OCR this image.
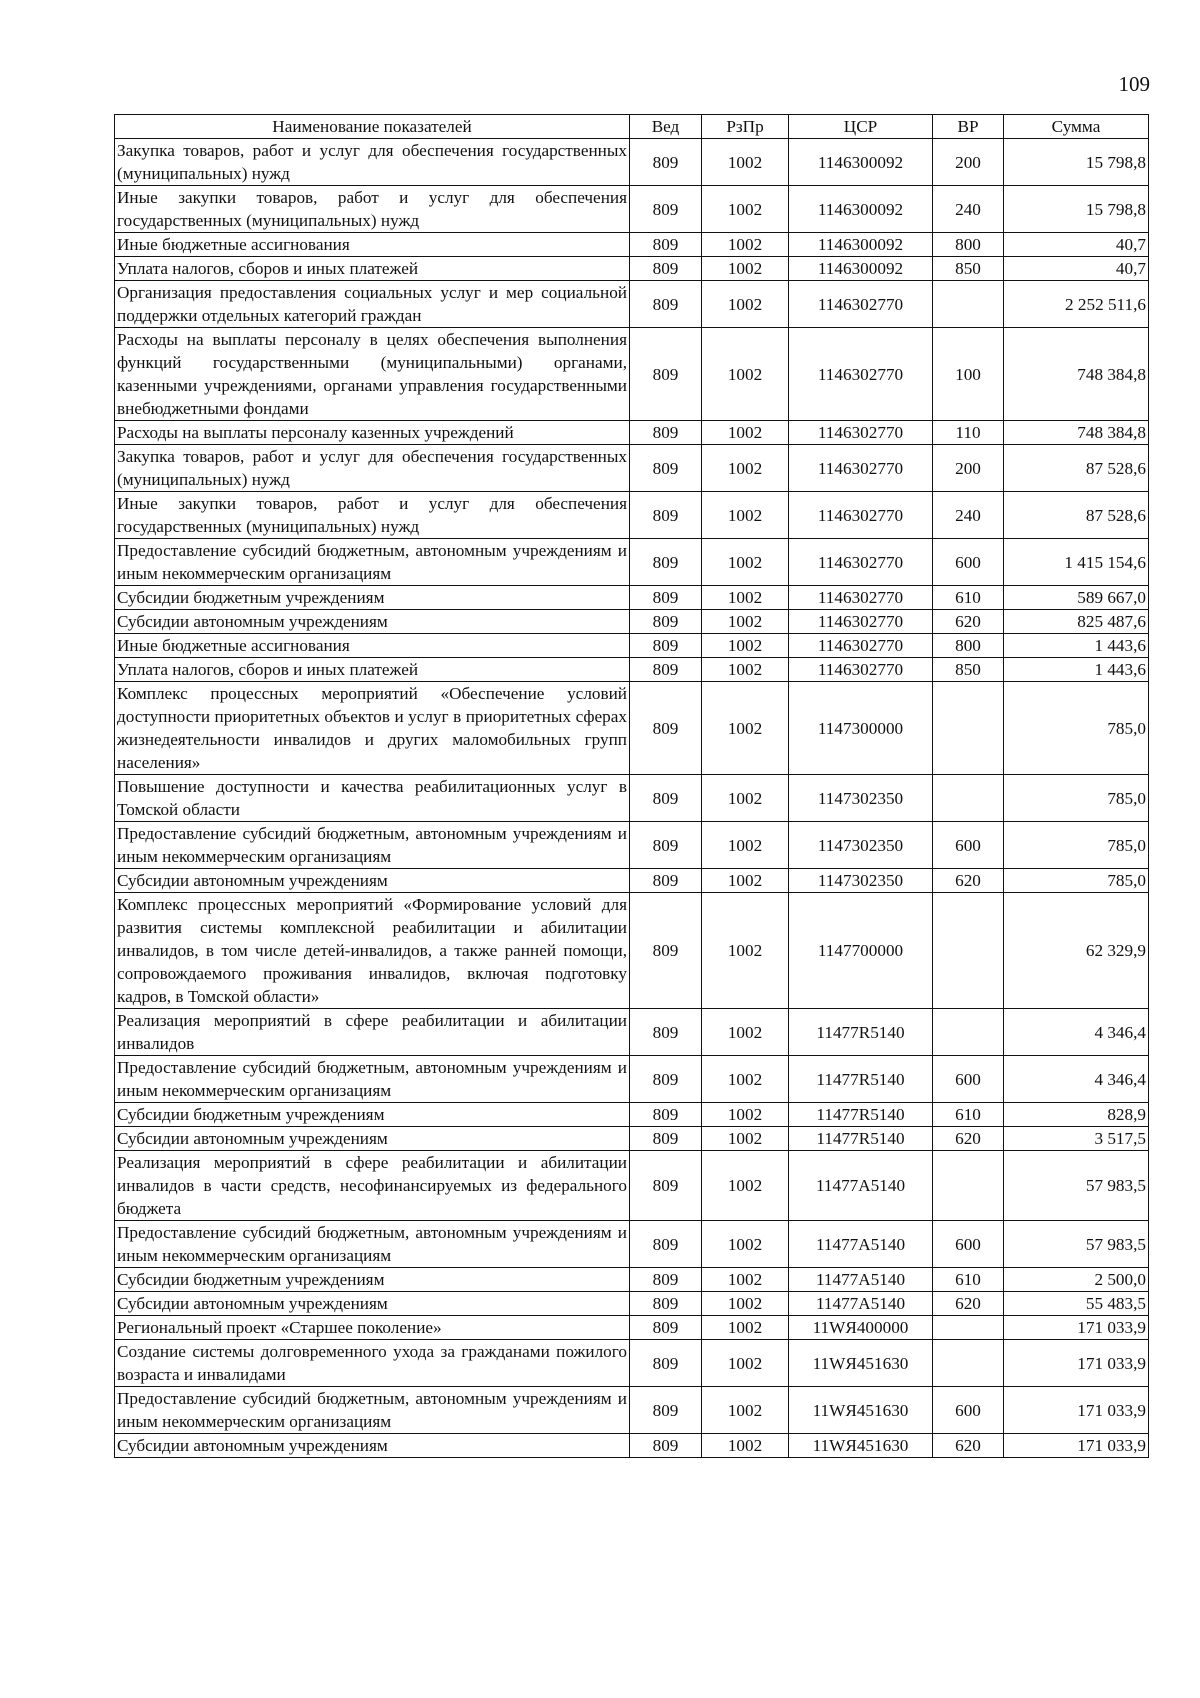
109
Наименование показателей	Вед	РзПр	ЦСР	ВР	Сумма
Закупка товаров, работ и услуг для обеспечения государственных (муниципальных) нужд	809	1002	1146300092	200	15 798,8
Иные закупки товаров, работ и услуг для обеспечения государственных (муниципальных) нужд	809	1002	1146300092	240	15 798,8
Иные бюджетные ассигнования	809	1002	1146300092	800	40,7
Уплата налогов, сборов и иных платежей	809	1002	1146300092	850	40,7
Организация предоставления социальных услуг и мер социальной поддержки отдельных категорий граждан	809	1002	1146302770		2 252 511,6
Расходы на выплаты персоналу в целях обеспечения выполнения функций государственными (муниципальными) органами, казенными учреждениями, органами управления государственными внебюджетными фондами	809	1002	1146302770	100	748 384,8
Расходы на выплаты персоналу казенных учреждений	809	1002	1146302770	110	748 384,8
Закупка товаров, работ и услуг для обеспечения государственных (муниципальных) нужд	809	1002	1146302770	200	87 528,6
Иные закупки товаров, работ и услуг для обеспечения государственных (муниципальных) нужд	809	1002	1146302770	240	87 528,6
Предоставление субсидий бюджетным, автономным учреждениям и иным некоммерческим организациям	809	1002	1146302770	600	1 415 154,6
Субсидии бюджетным учреждениям	809	1002	1146302770	610	589 667,0
Субсидии автономным учреждениям	809	1002	1146302770	620	825 487,6
Иные бюджетные ассигнования	809	1002	1146302770	800	1 443,6
Уплата налогов, сборов и иных платежей	809	1002	1146302770	850	1 443,6
Комплекс процессных мероприятий «Обеспечение условий доступности приоритетных объектов и услуг в приоритетных сферах жизнедеятельности инвалидов и других маломобильных групп населения»	809	1002	1147300000		785,0
Повышение доступности и качества реабилитационных услуг в Томской области	809	1002	1147302350		785,0
Предоставление субсидий бюджетным, автономным учреждениям и иным некоммерческим организациям	809	1002	1147302350	600	785,0
Субсидии автономным учреждениям	809	1002	1147302350	620	785,0
Комплекс процессных мероприятий «Формирование условий для развития системы комплексной реабилитации и абилитации инвалидов, в том числе детей-инвалидов, а также ранней помощи, сопровождаемого проживания инвалидов, включая подготовку кадров, в Томской области»	809	1002	1147700000		62 329,9
Реализация мероприятий в сфере реабилитации и абилитации инвалидов	809	1002	11477R5140		4 346,4
Предоставление субсидий бюджетным, автономным учреждениям и иным некоммерческим организациям	809	1002	11477R5140	600	4 346,4
Субсидии бюджетным учреждениям	809	1002	11477R5140	610	828,9
Субсидии автономным учреждениям	809	1002	11477R5140	620	3 517,5
Реализация мероприятий в сфере реабилитации и абилитации инвалидов в части средств, несофинансируемых из федерального бюджета	809	1002	11477A5140		57 983,5
Предоставление субсидий бюджетным, автономным учреждениям и иным некоммерческим организациям	809	1002	11477A5140	600	57 983,5
Субсидии бюджетным учреждениям	809	1002	11477A5140	610	2 500,0
Субсидии автономным учреждениям	809	1002	11477A5140	620	55 483,5
Региональный проект «Старшее поколение»	809	1002	11WЯ400000		171 033,9
Создание системы долговременного ухода за гражданами пожилого возраста и инвалидами	809	1002	11WЯ451630		171 033,9
Предоставление субсидий бюджетным, автономным учреждениям и иным некоммерческим организациям	809	1002	11WЯ451630	600	171 033,9
Субсидии автономным учреждениям	809	1002	11WЯ451630	620	171 033,9
